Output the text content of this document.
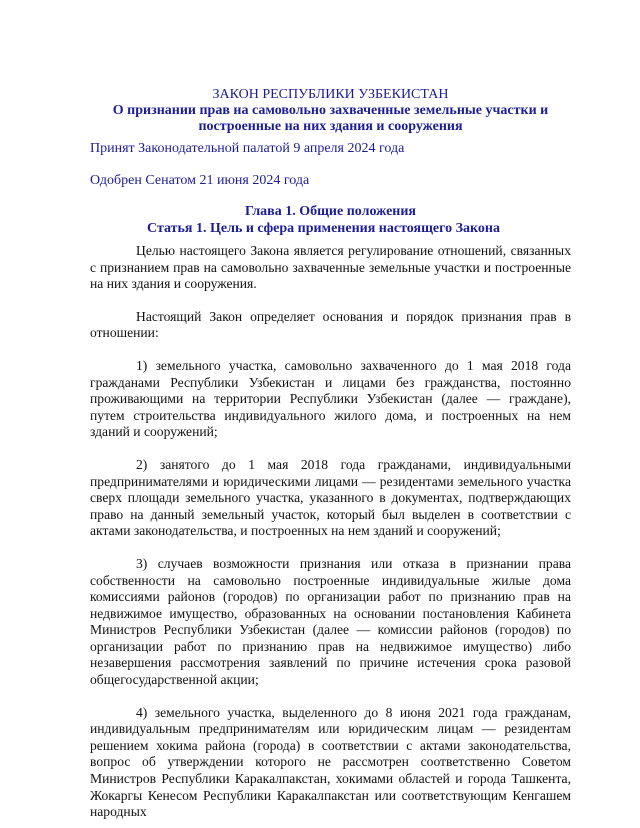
ЗАКОН РЕСПУБЛИКИ УЗБЕКИСТАН
О признании прав на самовольно захваченные земельные участки и построенные на них здания и сооружения
Принят Законодательной палатой 9 апреля 2024 года
Одобрен Сенатом 21 июня 2024 года
Глава 1. Общие положения
Статья 1. Цель и сфера применения настоящего Закона

Целью настоящего Закона является регулирование отношений, связанных с признанием прав на самовольно захваченные земельные участки и построенные на них здания и сооружения.

Настоящий Закон определяет основания и порядок признания прав в отношении:

1) земельного участка, самовольно захваченного до 1 мая 2018 года гражданами Республики Узбекистан и лицами без гражданства, постоянно проживающими на территории Республики Узбекистан (далее — граждане), путем строительства индивидуального жилого дома, и построенных на нем зданий и сооружений;

2) занятого до 1 мая 2018 года гражданами, индивидуальными предпринимателями и юридическими лицами — резидентами земельного участка сверх площади земельного участка, указанного в документах, подтверждающих право на данный земельный участок, который был выделен в соответствии с актами законодательства, и построенных на нем зданий и сооружений;

3) случаев возможности признания или отказа в признании права собственности на самовольно построенные индивидуальные жилые дома комиссиями районов (городов) по организации работ по признанию прав на недвижимое имущество, образованных на основании постановления Кабинета Министров Республики Узбекистан (далее — комиссии районов (городов) по организации работ по признанию прав на недвижимое имущество) либо незавершения рассмотрения заявлений по причине истечения срока разовой общегосударственной акции;

4) земельного участка, выделенного до 8 июня 2021 года гражданам, индивидуальным предпринимателям или юридическим лицам — резидентам решением хокима района (города) в соответствии с актами законодательства, вопрос об утверждении которого не рассмотрен соответственно Советом Министров Республики Каракалпакстан, хокимами областей и города Ташкента, Жокаргы Кенесом Республики Каракалпакстан или соответствующим Кенгашем народных
